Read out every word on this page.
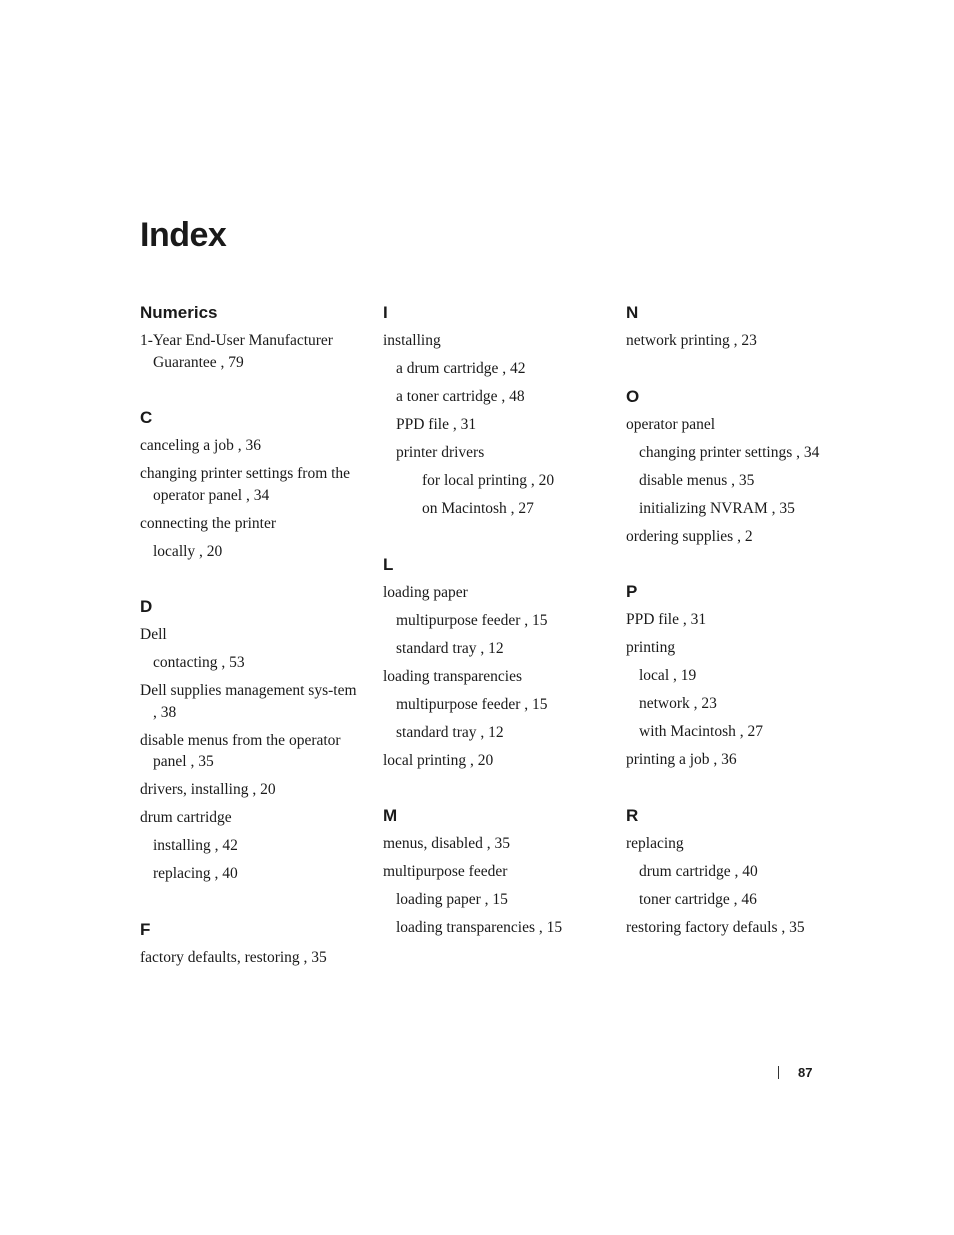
Index
Numerics
1-Year End-User Manufacturer Guarantee , 79
C
canceling a job , 36
changing printer settings from the operator panel , 34
connecting the printer
locally , 20
D
Dell
contacting , 53
Dell supplies management sys-tem , 38
disable menus from the operator panel , 35
drivers, installing , 20
drum cartridge
installing , 42
replacing , 40
F
factory defaults, restoring , 35
I
installing
a drum cartridge , 42
a toner cartridge , 48
PPD file , 31
printer drivers
for local printing , 20
on Macintosh , 27
L
loading paper
multipurpose feeder , 15
standard tray , 12
loading transparencies
multipurpose feeder , 15
standard tray , 12
local printing , 20
M
menus, disabled , 35
multipurpose feeder
loading paper , 15
loading transparencies , 15
N
network printing , 23
O
operator panel
changing printer settings , 34
disable menus , 35
initializing NVRAM , 35
ordering supplies , 2
P
PPD file , 31
printing
local , 19
network , 23
with Macintosh , 27
printing a job , 36
R
replacing
drum cartridge , 40
toner cartridge , 46
restoring factory defauls , 35
87
